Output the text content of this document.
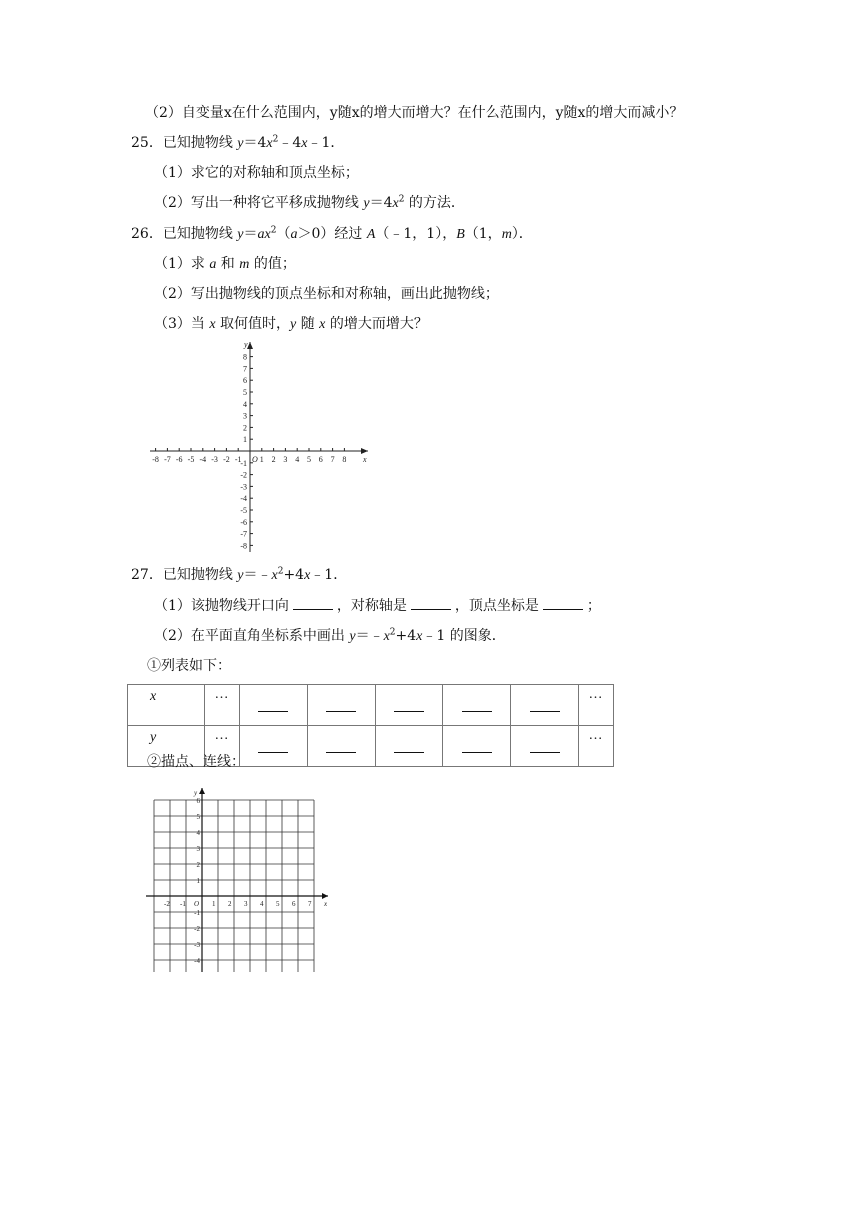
（2）自变量x在什么范围内，y随x的增大而增大？在什么范围内，y随x的增大而减小？
25．已知抛物线 $y=4x^2﹣4x﹣1$．
（1）求它的对称轴和顶点坐标；
（2）写出一种将它平移成抛物线 $y=4x^2$ 的方法．
26．已知抛物线 $y=ax^2(a>0)$经过 A（﹣1，1），B（1，m）．
（1）求 a 和 m 的值；
（2）写出抛物线的顶点坐标和对称轴，画出此抛物线；
（3）当 x 取何值时，y 随 x 的增大而增大？
-8 -7 -6 -5 -4 -3 -2 -1 1 2 3 4 5 6 7 8
8
7
6
5
4
3
2
1
-1
-2
-3
-4
-5
-6
-7
-8
x
y
O
27．已知抛物线 $y=﹣x^2+4x﹣1$．
（1）该抛物线开口向	，对称轴是	，顶点坐标是	；
（2）在平面直角坐标系中画出 $y=﹣x^2+4x﹣1$ 的图象．
①列表如下：
x	…						…
y	…						…
②描点、连线：
-2 -1	1 2 3 4 5 6 7
6
5
4
3
2
1
-1
-2
-3
-4
x
y
O
